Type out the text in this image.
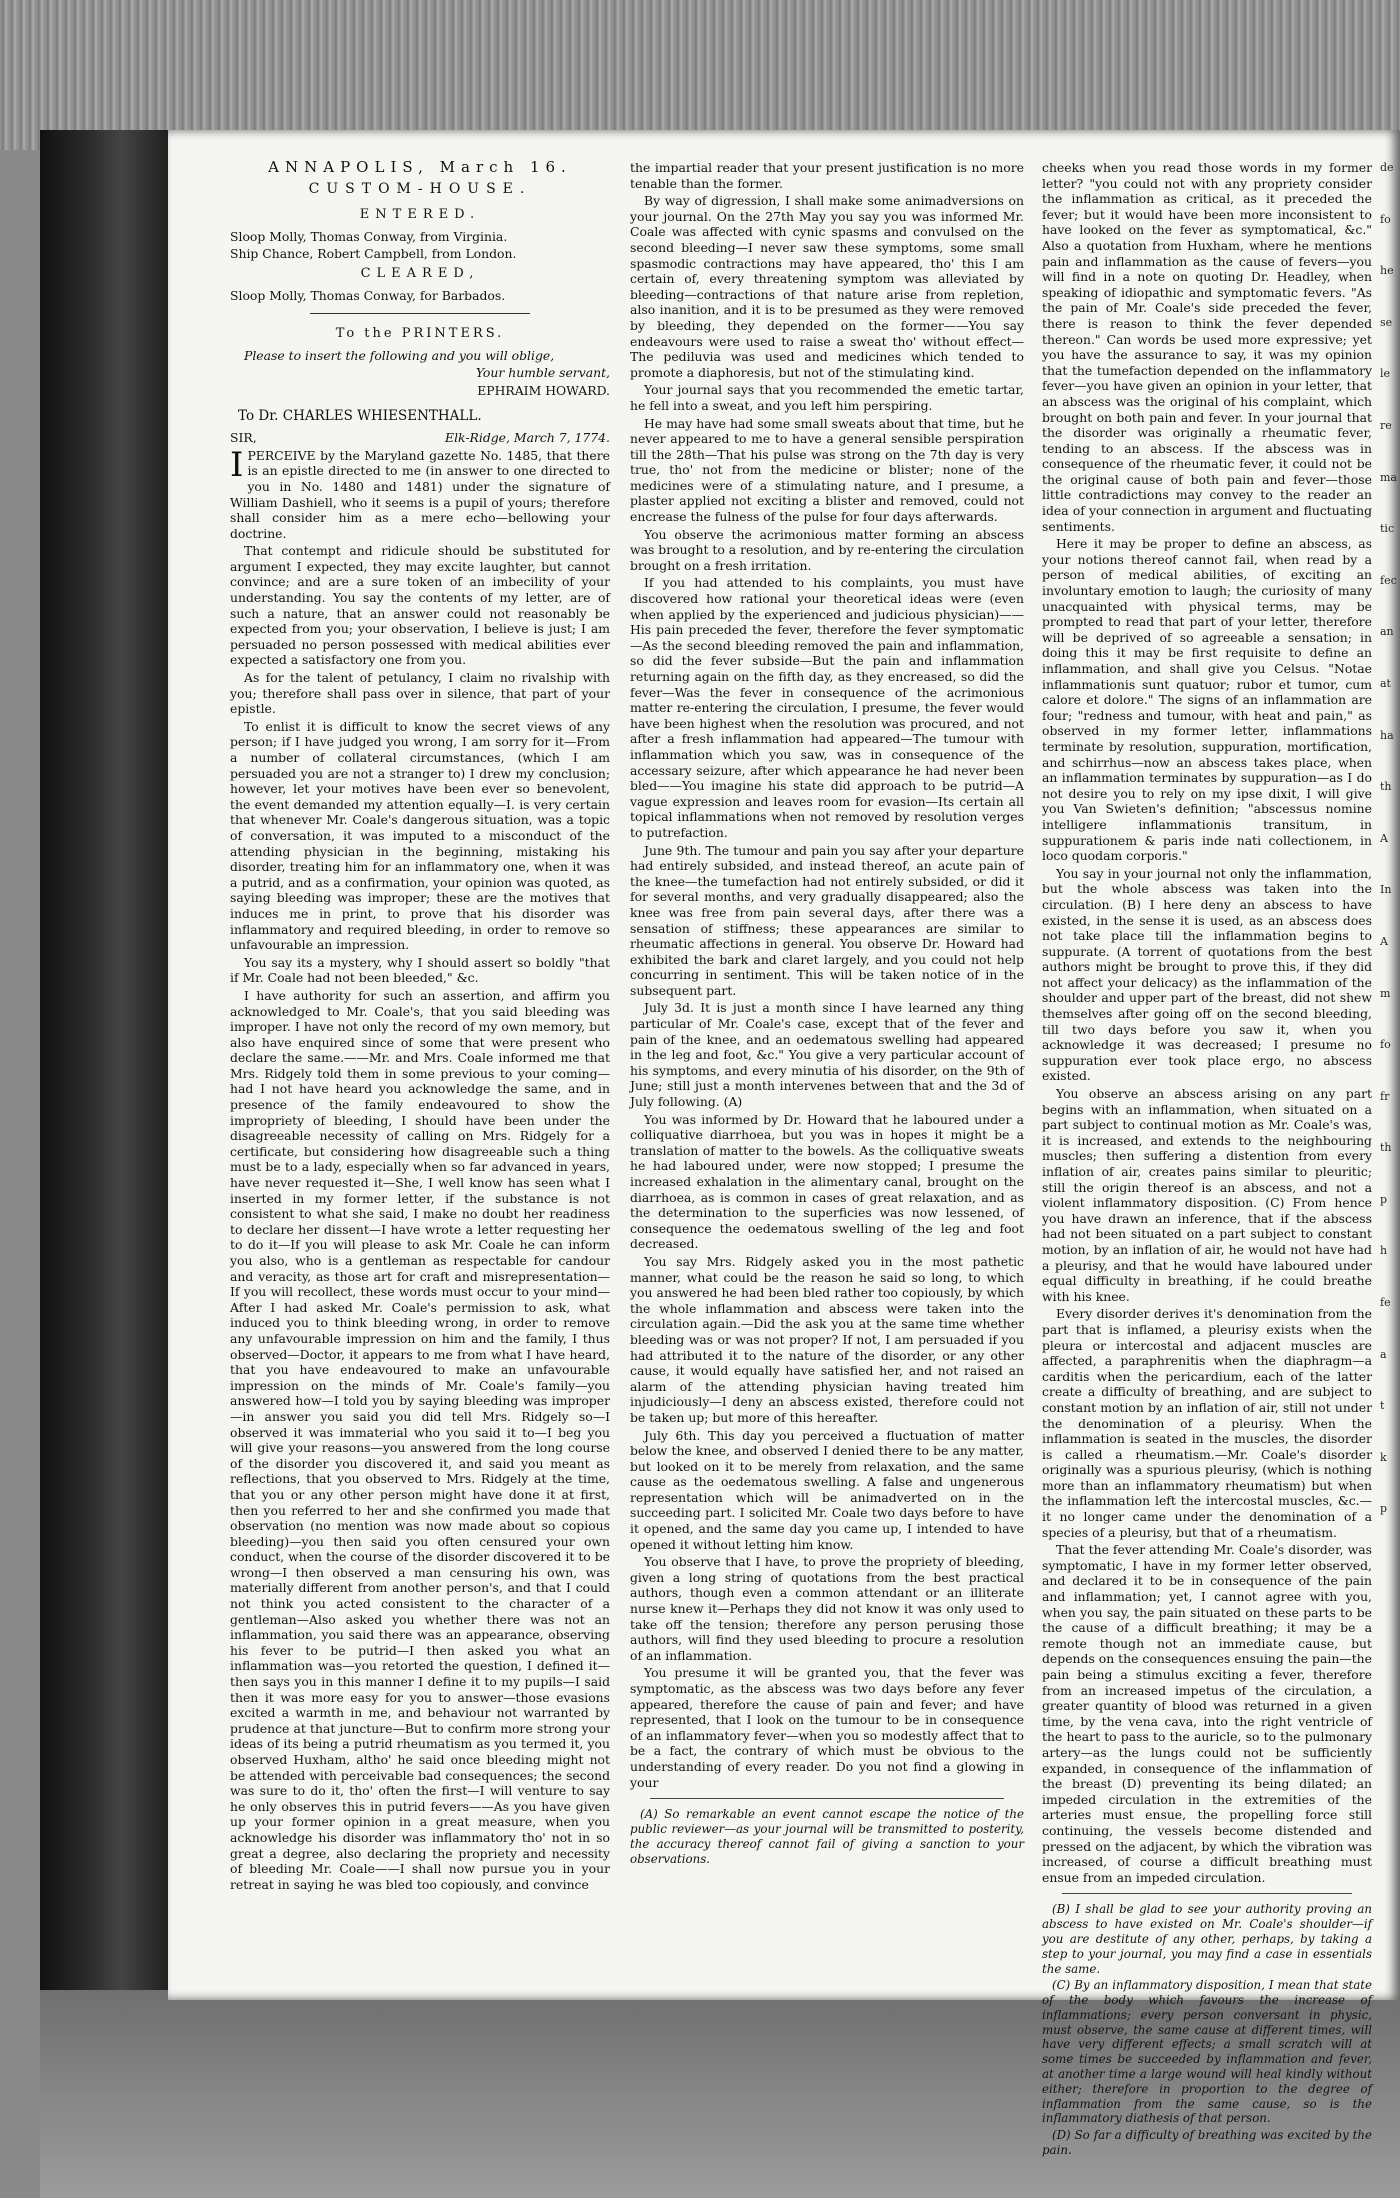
ANNAPOLIS, March 16.
CUSTOM-HOUSE.
ENTERED.

Sloop Molly, Thomas Conway, from Virginia.

Ship Chance, Robert Campbell, from London.

CLEARED,

Sloop Molly, Thomas Conway, for Barbados.

To the PRINTERS.

Please to insert the following and you will oblige,

Your humble servant,

EPHRAIM HOWARD.

To Dr. CHARLES WHIESENTHALL.
SIR,	Elk-Ridge, March 7, 1774.

IPERCEIVE by the Maryland gazette No. 1485, that there is an epistle directed to me (in answer to one directed to you in No. 1480 and 1481) under the signature of William Dashiell, who it seems is a pupil of yours; therefore shall consider him as a mere echo—bellowing your doctrine.

That contempt and ridicule should be substituted for argument I expected, they may excite laughter, but cannot convince; and are a sure token of an imbecility of your understanding. You say the contents of my letter, are of such a nature, that an answer could not reasonably be expected from you; your observation, I believe is just; I am persuaded no person possessed with medical abilities ever expected a satisfactory one from you.

As for the talent of petulancy, I claim no rivalship with you; therefore shall pass over in silence, that part of your epistle.

To enlist it is difficult to know the secret views of any person; if I have judged you wrong, I am sorry for it—From a number of collateral circumstances, (which I am persuaded you are not a stranger to) I drew my conclusion; however, let your motives have been ever so benevolent, the event demanded my attention equally—I. is very certain that whenever Mr. Coale's dangerous situation, was a topic of conversation, it was imputed to a misconduct of the attending physician in the beginning, mistaking his disorder, treating him for an inflammatory one, when it was a putrid, and as a confirmation, your opinion was quoted, as saying bleeding was improper; these are the motives that induces me in print, to prove that his disorder was inflammatory and required bleeding, in order to remove so unfavourable an impression.

You say its a mystery, why I should assert so boldly "that if Mr. Coale had not been bleeded," &c.

I have authority for such an assertion, and affirm you acknowledged to Mr. Coale's, that you said bleeding was improper. I have not only the record of my own memory, but also have enquired since of some that were present who declare the same.——Mr. and Mrs. Coale informed me that Mrs. Ridgely told them in some previous to your coming—had I not have heard you acknowledge the same, and in presence of the family endeavoured to show the impropriety of bleeding, I should have been under the disagreeable necessity of calling on Mrs. Ridgely for a certificate, but considering how disagreeable such a thing must be to a lady, especially when so far advanced in years, have never requested it—She, I well know has seen what I inserted in my former letter, if the substance is not consistent to what she said, I make no doubt her readiness to declare her dissent—I have wrote a letter requesting her to do it—If you will please to ask Mr. Coale he can inform you also, who is a gentleman as respectable for candour and veracity, as those art for craft and misrepresentation—If you will recollect, these words must occur to your mind—After I had asked Mr. Coale's permission to ask, what induced you to think bleeding wrong, in order to remove any unfavourable impression on him and the family, I thus observed—Doctor, it appears to me from what I have heard, that you have endeavoured to make an unfavourable impression on the minds of Mr. Coale's family—you answered how—I told you by saying bleeding was improper—in answer you said you did tell Mrs. Ridgely so—I observed it was immaterial who you said it to—I beg you will give your reasons—you answered from the long course of the disorder you discovered it, and said you meant as reflections, that you observed to Mrs. Ridgely at the time, that you or any other person might have done it at first, then you referred to her and she confirmed you made that observation (no mention was now made about so copious bleeding)—you then said you often censured your own conduct, when the course of the disorder discovered it to be wrong—I then observed a man censuring his own, was materially different from another person's, and that I could not think you acted consistent to the character of a gentleman—Also asked you whether there was not an inflammation, you said there was an appearance, observing his fever to be putrid—I then asked you what an inflammation was—you retorted the question, I defined it—then says you in this manner I define it to my pupils—I said then it was more easy for you to answer—those evasions excited a warmth in me, and behaviour not warranted by prudence at that juncture—But to confirm more strong your ideas of its being a putrid rheumatism as you termed it, you observed Huxham, altho' he said once bleeding might not be attended with perceivable bad consequences; the second was sure to do it, tho' often the first—I will venture to say he only observes this in putrid fevers——As you have given up your former opinion in a great measure, when you acknowledge his disorder was inflammatory tho' not in so great a degree, also declaring the propriety and necessity of bleeding Mr. Coale——I shall now pursue you in your retreat in saying he was bled too copiously, and convince

the impartial reader that your present justification is no more tenable than the former.

By way of digression, I shall make some animadversions on your journal. On the 27th May you say you was informed Mr. Coale was affected with cynic spasms and convulsed on the second bleeding—I never saw these symptoms, some small spasmodic contractions may have appeared, tho' this I am certain of, every threatening symptom was alleviated by bleeding—contractions of that nature arise from repletion, also inanition, and it is to be presumed as they were removed by bleeding, they depended on the former——You say endeavours were used to raise a sweat tho' without effect—The pediluvia was used and medicines which tended to promote a diaphoresis, but not of the stimulating kind.

Your journal says that you recommended the emetic tartar, he fell into a sweat, and you left him perspiring.

He may have had some small sweats about that time, but he never appeared to me to have a general sensible perspiration till the 28th—That his pulse was strong on the 7th day is very true, tho' not from the medicine or blister; none of the medicines were of a stimulating nature, and I presume, a plaster applied not exciting a blister and removed, could not encrease the fulness of the pulse for four days afterwards.

You observe the acrimonious matter forming an abscess was brought to a resolution, and by re-entering the circulation brought on a fresh irritation.

If you had attended to his complaints, you must have discovered how rational your theoretical ideas were (even when applied by the experienced and judicious physician)——His pain preceded the fever, therefore the fever symptomatic—As the second bleeding removed the pain and inflammation, so did the fever subside—But the pain and inflammation returning again on the fifth day, as they encreased, so did the fever—Was the fever in consequence of the acrimonious matter re-entering the circulation, I presume, the fever would have been highest when the resolution was procured, and not after a fresh inflammation had appeared—The tumour with inflammation which you saw, was in consequence of the accessary seizure, after which appearance he had never been bled——You imagine his state did approach to be putrid—A vague expression and leaves room for evasion—Its certain all topical inflammations when not removed by resolution verges to putrefaction.

June 9th. The tumour and pain you say after your departure had entirely subsided, and instead thereof, an acute pain of the knee—the tumefaction had not entirely subsided, or did it for several months, and very gradually disappeared; also the knee was free from pain several days, after there was a sensation of stiffness; these appearances are similar to rheumatic affections in general. You observe Dr. Howard had exhibited the bark and claret largely, and you could not help concurring in sentiment. This will be taken notice of in the subsequent part.

July 3d. It is just a month since I have learned any thing particular of Mr. Coale's case, except that of the fever and pain of the knee, and an oedematous swelling had appeared in the leg and foot, &c." You give a very particular account of his symptoms, and every minutia of his disorder, on the 9th of June; still just a month intervenes between that and the 3d of July following. (A)

You was informed by Dr. Howard that he laboured under a colliquative diarrhoea, but you was in hopes it might be a translation of matter to the bowels. As the colliquative sweats he had laboured under, were now stopped; I presume the increased exhalation in the alimentary canal, brought on the diarrhoea, as is common in cases of great relaxation, and as the determination to the superficies was now lessened, of consequence the oedematous swelling of the leg and foot decreased.

You say Mrs. Ridgely asked you in the most pathetic manner, what could be the reason he said so long, to which you answered he had been bled rather too copiously, by which the whole inflammation and abscess were taken into the circulation again.—Did the ask you at the same time whether bleeding was or was not proper? If not, I am persuaded if you had attributed it to the nature of the disorder, or any other cause, it would equally have satisfied her, and not raised an alarm of the attending physician having treated him injudiciously—I deny an abscess existed, therefore could not be taken up; but more of this hereafter.

July 6th. This day you perceived a fluctuation of matter below the knee, and observed I denied there to be any matter, but looked on it to be merely from relaxation, and the same cause as the oedematous swelling. A false and ungenerous representation which will be animadverted on in the succeeding part. I solicited Mr. Coale two days before to have it opened, and the same day you came up, I intended to have opened it without letting him know.

You observe that I have, to prove the propriety of bleeding, given a long string of quotations from the best practical authors, though even a common attendant or an illiterate nurse knew it—Perhaps they did not know it was only used to take off the tension; therefore any person perusing those authors, will find they used bleeding to procure a resolution of an inflammation.

You presume it will be granted you, that the fever was symptomatic, as the abscess was two days before any fever appeared, therefore the cause of pain and fever; and have represented, that I look on the tumour to be in consequence of an inflammatory fever—when you so modestly affect that to be a fact, the contrary of which must be obvious to the understanding of every reader. Do you not find a glowing in your

(A) So remarkable an event cannot escape the notice of the public reviewer—as your journal will be transmitted to posterity, the accuracy thereof cannot fail of giving a sanction to your observations.

cheeks when you read those words in my former letter? "you could not with any propriety consider the inflammation as critical, as it preceded the fever; but it would have been more inconsistent to have looked on the fever as symptomatical, &c." Also a quotation from Huxham, where he mentions pain and inflammation as the cause of fevers—you will find in a note on quoting Dr. Headley, when speaking of idiopathic and symptomatic fevers. "As the pain of Mr. Coale's side preceded the fever, there is reason to think the fever depended thereon." Can words be used more expressive; yet you have the assurance to say, it was my opinion that the tumefaction depended on the inflammatory fever—you have given an opinion in your letter, that an abscess was the original of his complaint, which brought on both pain and fever. In your journal that the disorder was originally a rheumatic fever, tending to an abscess. If the abscess was in consequence of the rheumatic fever, it could not be the original cause of both pain and fever—those little contradictions may convey to the reader an idea of your connection in argument and fluctuating sentiments.

Here it may be proper to define an abscess, as your notions thereof cannot fail, when read by a person of medical abilities, of exciting an involuntary emotion to laugh; the curiosity of many unacquainted with physical terms, may be prompted to read that part of your letter, therefore will be deprived of so agreeable a sensation; in doing this it may be first requisite to define an inflammation, and shall give you Celsus. "Notae inflammationis sunt quatuor; rubor et tumor, cum calore et dolore." The signs of an inflammation are four; "redness and tumour, with heat and pain," as observed in my former letter, inflammations terminate by resolution, suppuration, mortification, and schirrhus—now an abscess takes place, when an inflammation terminates by suppuration—as I do not desire you to rely on my ipse dixit, I will give you Van Swieten's definition; "abscessus nomine intelligere inflammationis transitum, in suppurationem & paris inde nati collectionem, in loco quodam corporis."

You say in your journal not only the inflammation, but the whole abscess was taken into the circulation. (B) I here deny an abscess to have existed, in the sense it is used, as an abscess does not take place till the inflammation begins to suppurate. (A torrent of quotations from the best authors might be brought to prove this, if they did not affect your delicacy) as the inflammation of the shoulder and upper part of the breast, did not shew themselves after going off on the second bleeding, till two days before you saw it, when you acknowledge it was decreased; I presume no suppuration ever took place ergo, no abscess existed.

You observe an abscess arising on any part begins with an inflammation, when situated on a part subject to continual motion as Mr. Coale's was, it is increased, and extends to the neighbouring muscles; then suffering a distention from every inflation of air, creates pains similar to pleuritic; still the origin thereof is an abscess, and not a violent inflammatory disposition. (C) From hence you have drawn an inference, that if the abscess had not been situated on a part subject to constant motion, by an inflation of air, he would not have had a pleurisy, and that he would have laboured under equal difficulty in breathing, if he could breathe with his knee.

Every disorder derives it's denomination from the part that is inflamed, a pleurisy exists when the pleura or intercostal and adjacent muscles are affected, a paraphrenitis when the diaphragm—a carditis when the pericardium, each of the latter create a difficulty of breathing, and are subject to constant motion by an inflation of air, still not under the denomination of a pleurisy. When the inflammation is seated in the muscles, the disorder is called a rheumatism.—Mr. Coale's disorder originally was a spurious pleurisy, (which is nothing more than an inflammatory rheumatism) but when the inflammation left the intercostal muscles, &c.—it no longer came under the denomination of a species of a pleurisy, but that of a rheumatism.

That the fever attending Mr. Coale's disorder, was symptomatic, I have in my former letter observed, and declared it to be in consequence of the pain and inflammation; yet, I cannot agree with you, when you say, the pain situated on these parts to be the cause of a difficult breathing; it may be a remote though not an immediate cause, but depends on the consequences ensuing the pain—the pain being a stimulus exciting a fever, therefore from an increased impetus of the circulation, a greater quantity of blood was returned in a given time, by the vena cava, into the right ventricle of the heart to pass to the auricle, so to the pulmonary artery—as the lungs could not be sufficiently expanded, in consequence of the inflammation of the breast (D) preventing its being dilated; an impeded circulation in the extremities of the arteries must ensue, the propelling force still continuing, the vessels become distended and pressed on the adjacent, by which the vibration was increased, of course a difficult breathing must ensue from an impeded circulation.

(B) I shall be glad to see your authority proving an abscess to have existed on Mr. Coale's shoulder—if you are destitute of any other, perhaps, by taking a step to your journal, you may find a case in essentials the same.

(C) By an inflammatory disposition, I mean that state of the body which favours the increase of inflammations; every person conversant in physic, must observe, the same cause at different times, will have very different effects; a small scratch will at some times be succeeded by inflammation and fever, at another time a large wound will heal kindly without either; therefore in proportion to the degree of inflammation from the same cause, so is the inflammatory diathesis of that person.

(D) So far a difficulty of breathing was excited by the pain.

de
fo
he
se
le
re
ma
tic
fec
an
at
ha
th
A
In
A
m
fo
fr
th
p
h
fe
a
t
k
p
